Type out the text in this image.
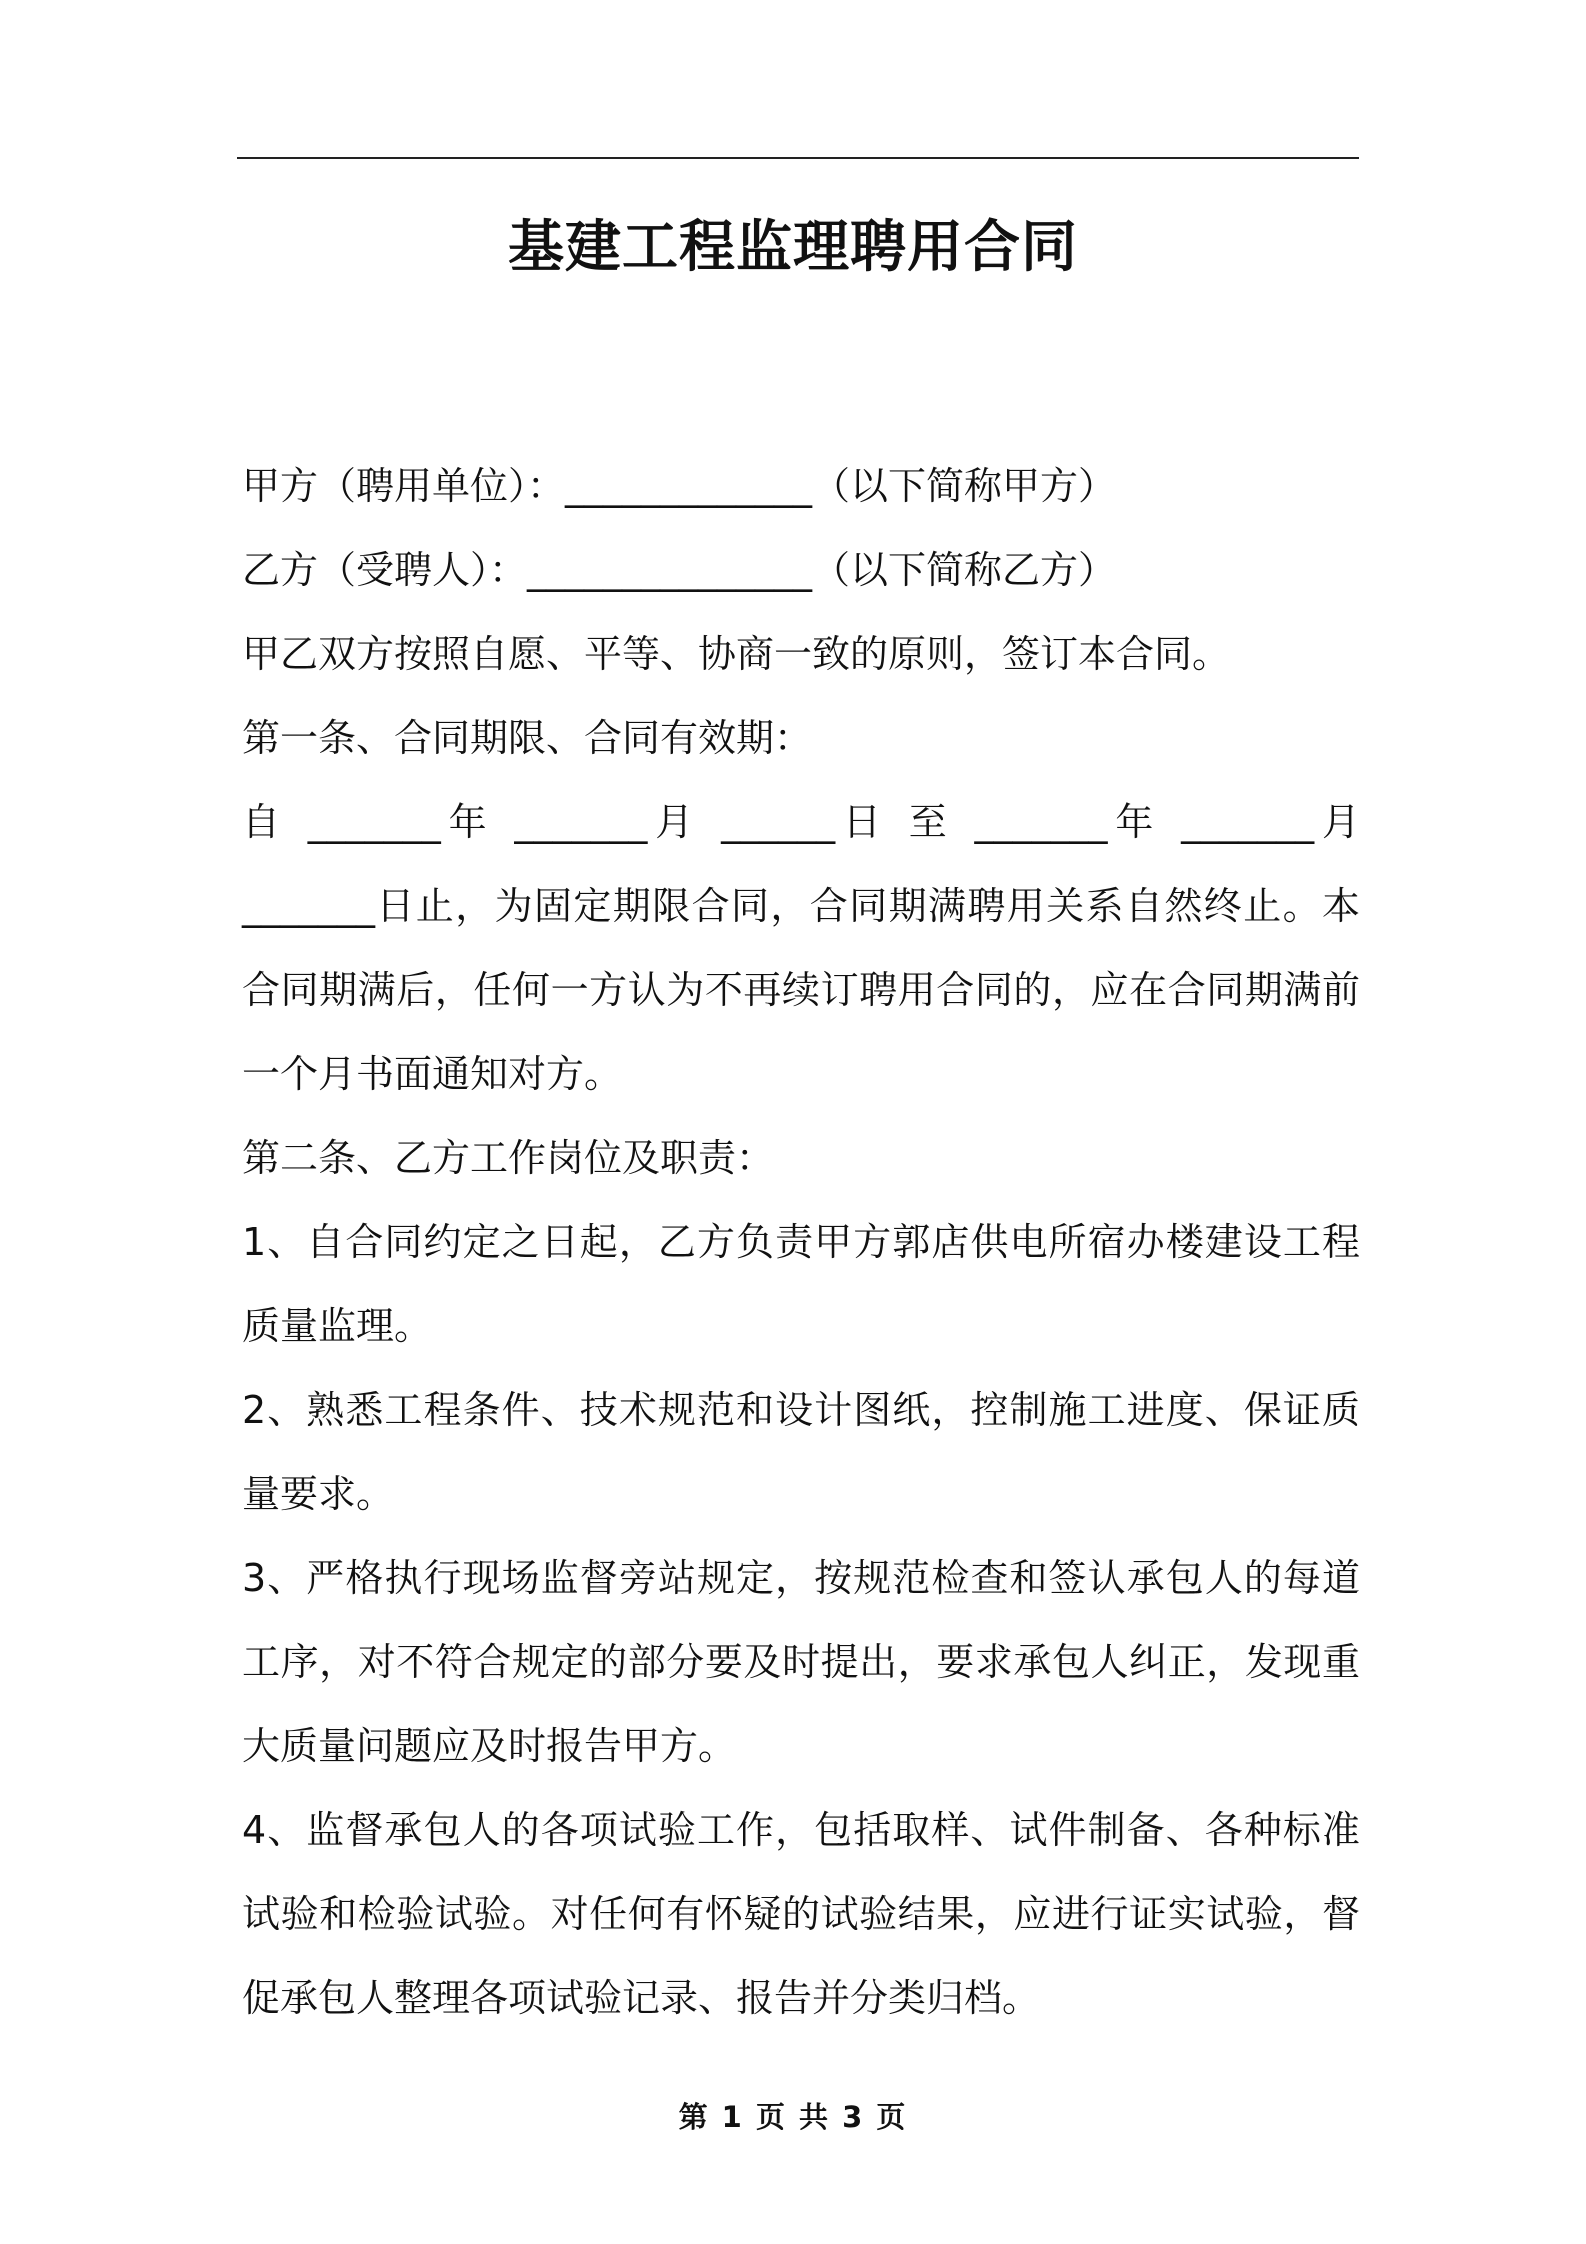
基建工程监理聘用合同

甲方（聘用单位）：_____________（以下简称甲方）

乙方（受聘人）：_______________（以下简称乙方）

甲乙双方按照自愿、平等、协商一致的原则，签订本合同。

第一条、合同期限、合同有效期：

自 _______年 _______月 ______日 至 _______年 _______月

_______日止，为固定期限合同，合同期满聘用关系自然终止。本合同期满后，任何一方认为不再续订聘用合同的，应在合同期满前一个月书面通知对方。

第二条、乙方工作岗位及职责：

1、自合同约定之日起，乙方负责甲方郭店供电所宿办楼建设工程质量监理。

2、熟悉工程条件、技术规范和设计图纸，控制施工进度、保证质量要求。

3、严格执行现场监督旁站规定，按规范检查和签认承包人的每道工序，对不符合规定的部分要及时提出，要求承包人纠正，发现重大质量问题应及时报告甲方。

4、监督承包人的各项试验工作，包括取样、试件制备、各种标准试验和检验试验。对任何有怀疑的试验结果，应进行证实试验，督促承包人整理各项试验记录、报告并分类归档。

第 1 页 共 3 页
